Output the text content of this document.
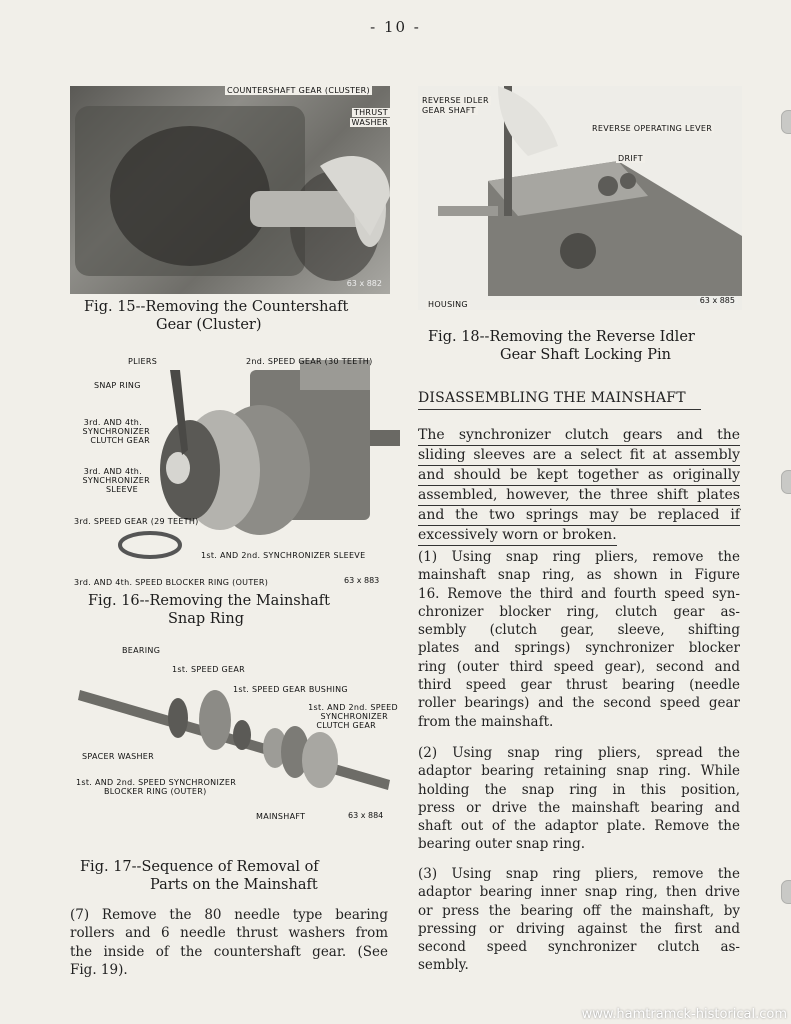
- 10 -
COUNTERSHAFT GEAR (CLUSTER)
THRUST
WASHER
63 x 882
Fig. 15--Removing the Countershaft
Gear (Cluster)
REVERSE IDLER
GEAR SHAFT
REVERSE OPERATING LEVER
DRIFT
HOUSING	63 x 885
Fig. 18--Removing the Reverse Idler
Gear Shaft Locking Pin
PLIERS	2nd. SPEED GEAR (30 TEETH)
SNAP RING
3rd. AND 4th.
SYNCHRONIZER
CLUTCH GEAR
3rd. AND 4th.
SYNCHRONIZER
SLEEVE
3rd. SPEED GEAR (29 TEETH)
1st. AND 2nd. SYNCHRONIZER SLEEVE
3rd. AND 4th. SPEED BLOCKER RING (OUTER)	63 x 883
Fig. 16--Removing the Mainshaft
Snap Ring
BEARING
1st. SPEED GEAR
1st. SPEED GEAR BUSHING
1st. AND 2nd. SPEED
SYNCHRONIZER
CLUTCH GEAR
SPACER WASHER
1st. AND 2nd. SPEED SYNCHRONIZER
BLOCKER RING (OUTER)
MAINSHAFT	63 x 884
Fig. 17--Sequence of Removal of
Parts on the Mainshaft
(7) Remove the 80 needle type bearing
rollers and 6 needle thrust washers from
the inside of the countershaft gear. (See
Fig. 19).
DISASSEMBLING THE MAINSHAFT
The synchronizer clutch gears and the
sliding sleeves are a select fit at assembly
and should be kept together as originally
assembled, however, the three shift plates
and the two springs may be replaced if
excessively worn or broken.
(1) Using snap ring pliers, remove the
mainshaft snap ring, as shown in Figure
16. Remove the third and fourth speed syn-
chronizer blocker ring, clutch gear as-
sembly (clutch gear, sleeve, shifting
plates and springs) synchronizer blocker
ring (outer third speed gear), second and
third speed gear thrust bearing (needle
roller bearings) and the second speed gear
from the mainshaft.
(2) Using snap ring pliers, spread the
adaptor bearing retaining snap ring. While
holding the snap ring in this position,
press or drive the mainshaft bearing and
shaft out of the adaptor plate. Remove the
bearing outer snap ring.
(3) Using snap ring pliers, remove the
adaptor bearing inner snap ring, then drive
or press the bearing off the mainshaft, by
pressing or driving against the first and
second speed synchronizer clutch as-
sembly.
www.hamtramck-historical.com
